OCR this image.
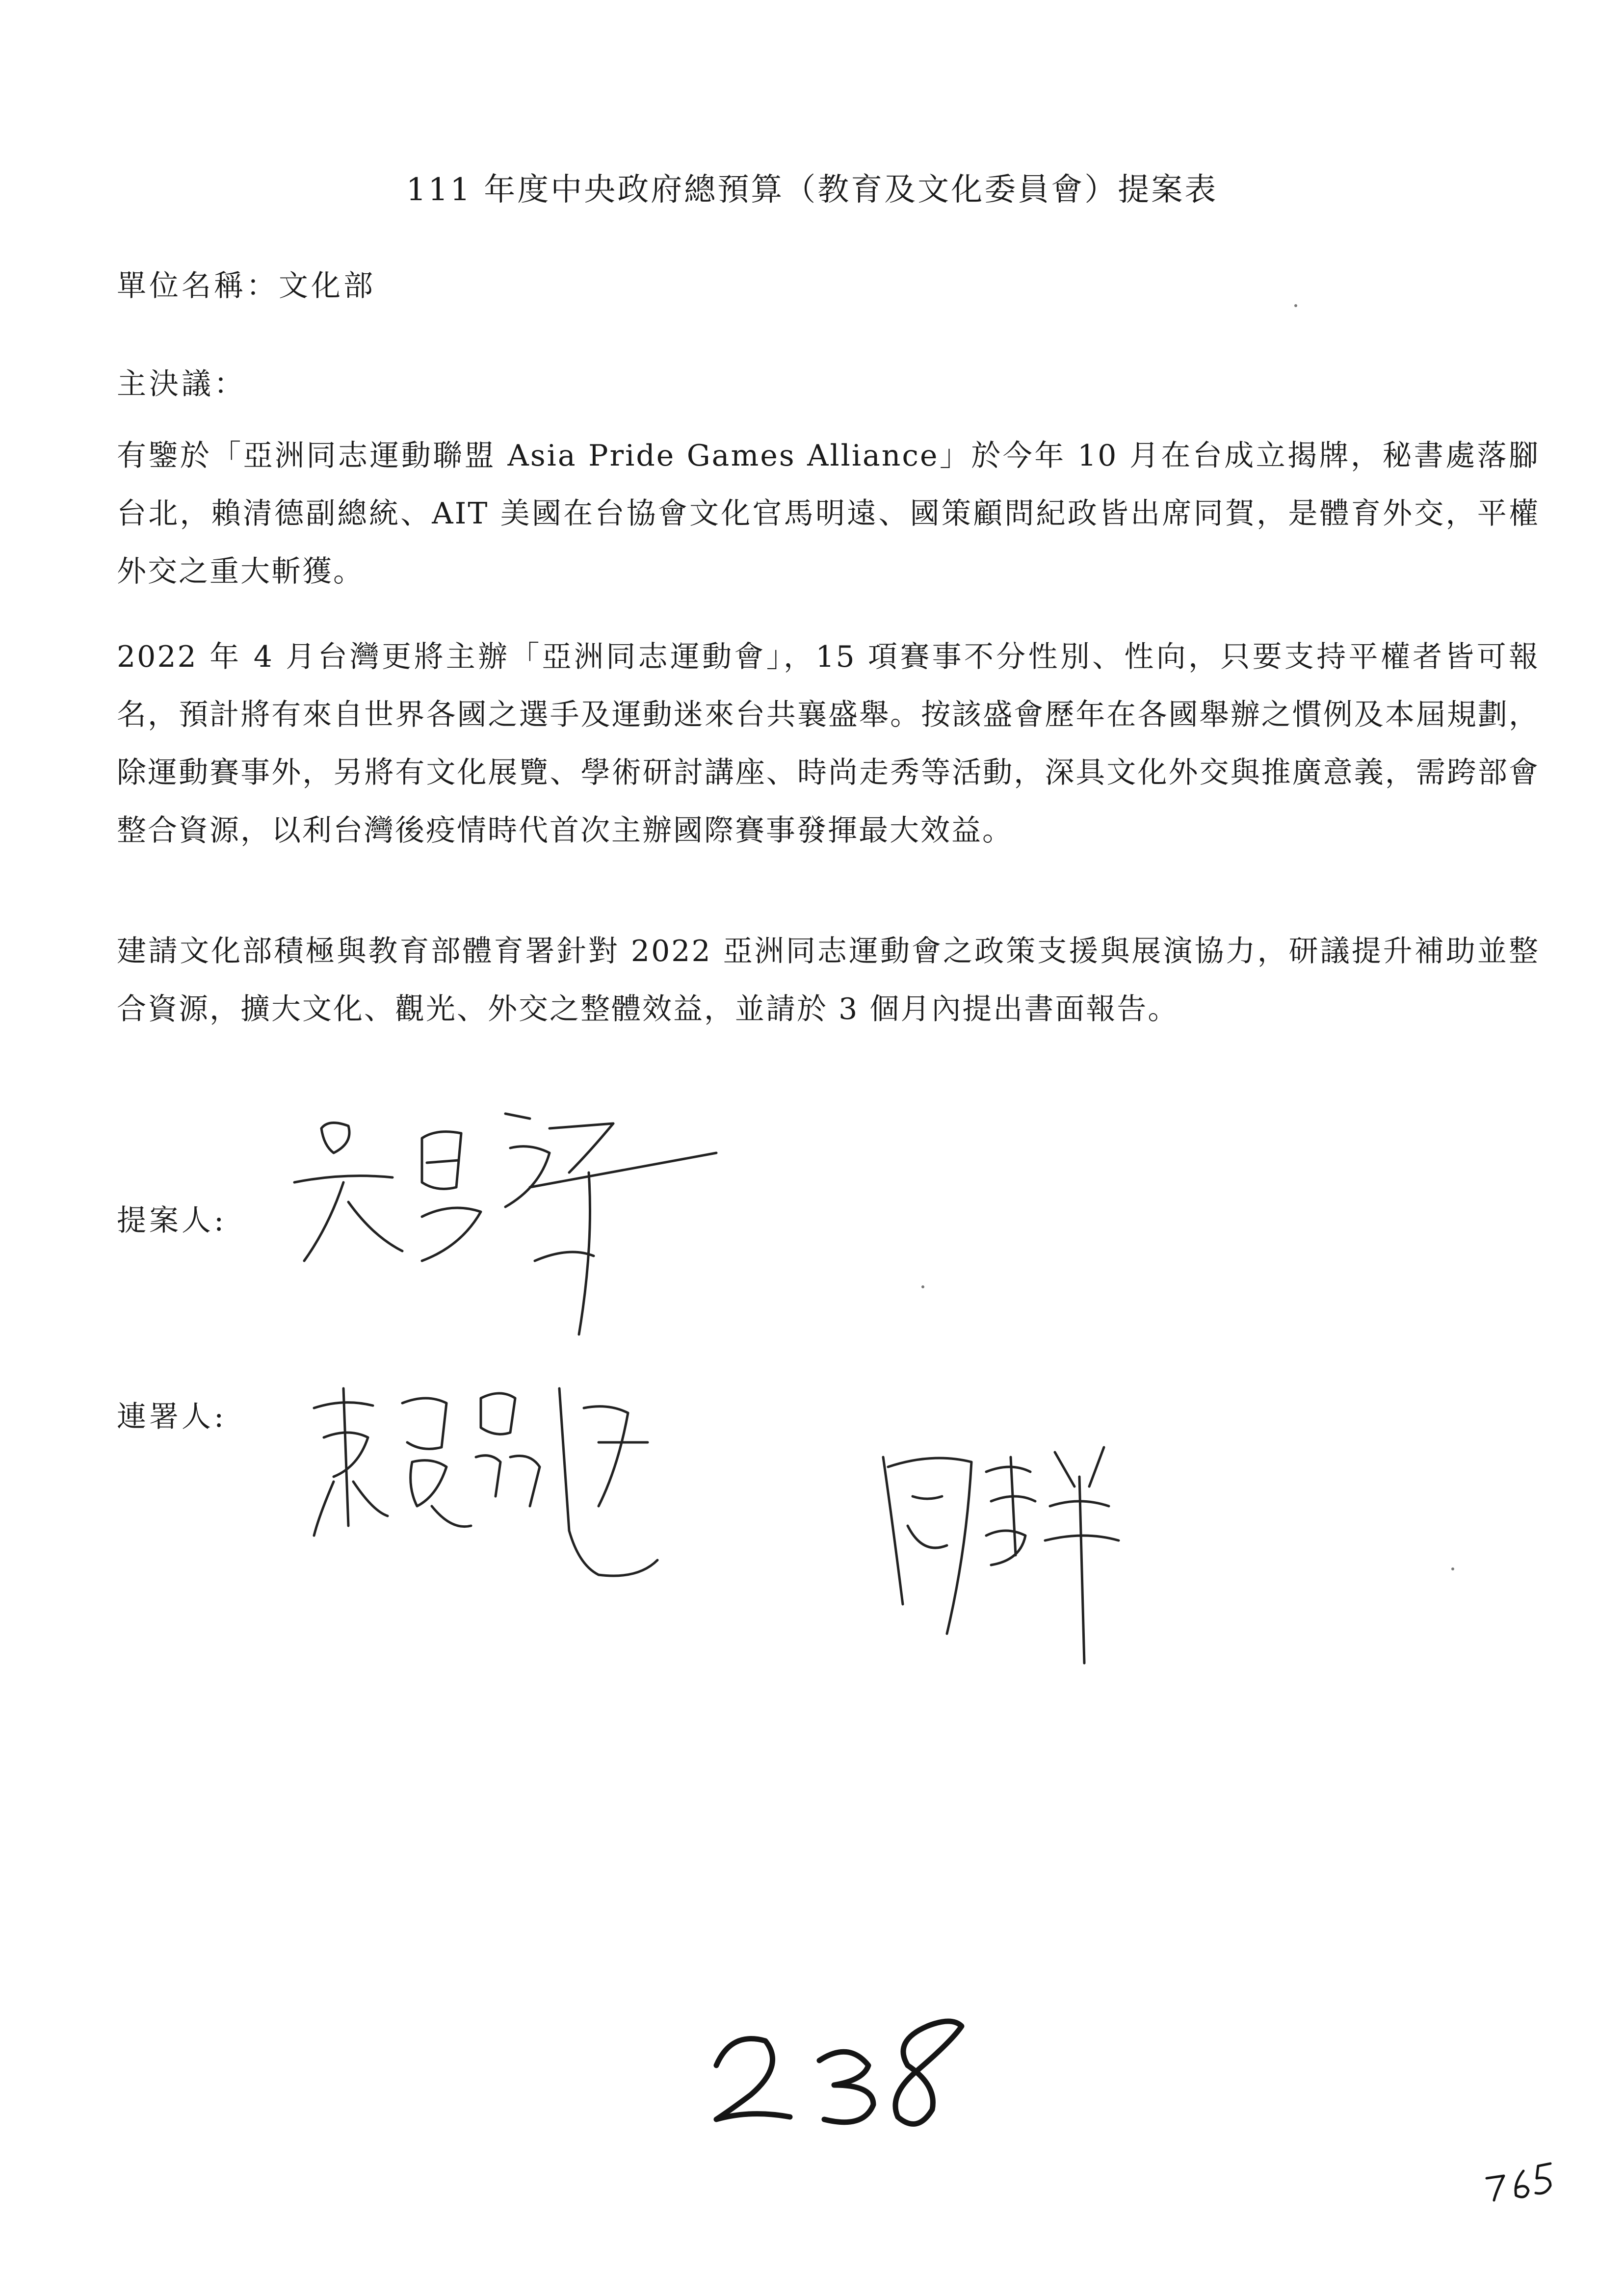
111 年度中央政府總預算（教育及文化委員會）提案表
單位名稱：文化部
主決議：
有鑒於「亞洲同志運動聯盟 Asia Pride Games Alliance」於今年 10 月在台成立揭牌，秘書處落腳台北，賴清德副總統、AIT 美國在台協會文化官馬明遠、國策顧問紀政皆出席同賀，是體育外交，平權外交之重大斬獲。
2022 年 4 月台灣更將主辦「亞洲同志運動會」，15 項賽事不分性別、性向，只要支持平權者皆可報名，預計將有來自世界各國之選手及運動迷來台共襄盛舉。按該盛會歷年在各國舉辦之慣例及本屆規劃，除運動賽事外，另將有文化展覽、學術研討講座、時尚走秀等活動，深具文化外交與推廣意義，需跨部會整合資源，以利台灣後疫情時代首次主辦國際賽事發揮最大效益。
建請文化部積極與教育部體育署針對 2022 亞洲同志運動會之政策支援與展演協力，研議提升補助並整合資源，擴大文化、觀光、外交之整體效益，並請於 3 個月內提出書面報告。
提案人:
連署人:
